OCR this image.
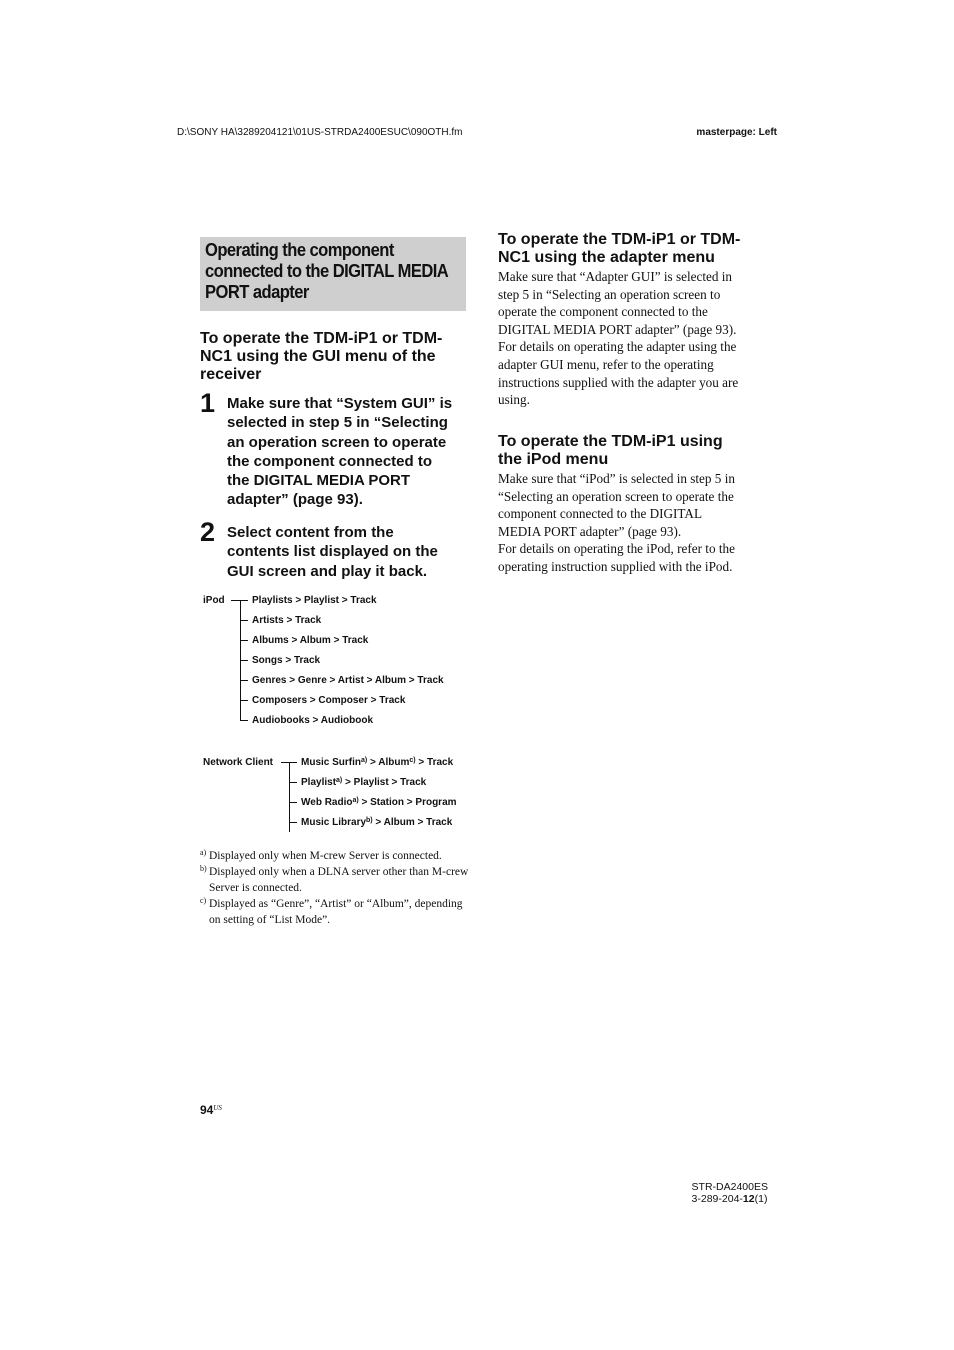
D:\SONY HA\3289204121\01US-STRDA2400ESUC\090OTH.fm	masterpage: Left
Operating the component
connected to the DIGITAL MEDIA
PORT adapter
To operate the TDM-iP1 or TDM-
NC1 using the GUI menu of the
receiver
1 Make sure that “System GUI” is
selected in step 5 in “Selecting
an operation screen to operate
the component connected to
the DIGITAL MEDIA PORT
adapter” (page 93).
2 Select content from the
contents list displayed on the
GUI screen and play it back.
iPod	Playlists > Playlist > Track
Artists > Track
Albums > Album > Track
Songs > Track
Genres > Genre > Artist > Album > Track
Composers > Composer > Track
Audiobooks > Audiobook
Network Client	Music Surfin$^{a)}$ > Album$^{c)}$ > Track
Playlist$^{a)}$ > Playlist > Track
Web Radio$^{a)}$ > Station > Program
Music Library$^{b)}$ > Album > Track
a) Displayed only when M-crew Server is connected.
b) Displayed only when a DLNA server other than M-crew Server is connected.
c) Displayed as “Genre”, “Artist” or “Album”, depending on setting of “List Mode”.
To operate the TDM-iP1 or TDM-
NC1 using the adapter menu
Make sure that “Adapter GUI” is selected in
step 5 in “Selecting an operation screen to
operate the component connected to the
DIGITAL MEDIA PORT adapter” (page 93).
For details on operating the adapter using the
adapter GUI menu, refer to the operating
instructions supplied with the adapter you are
using.
To operate the TDM-iP1 using
the iPod menu
Make sure that “iPod” is selected in step 5 in
“Selecting an operation screen to operate the
component connected to the DIGITAL
MEDIA PORT adapter” (page 93).
For details on operating the iPod, refer to the
operating instruction supplied with the iPod.
$94^{US}$
STR-DA2400ES
3-289-204-12(1)
